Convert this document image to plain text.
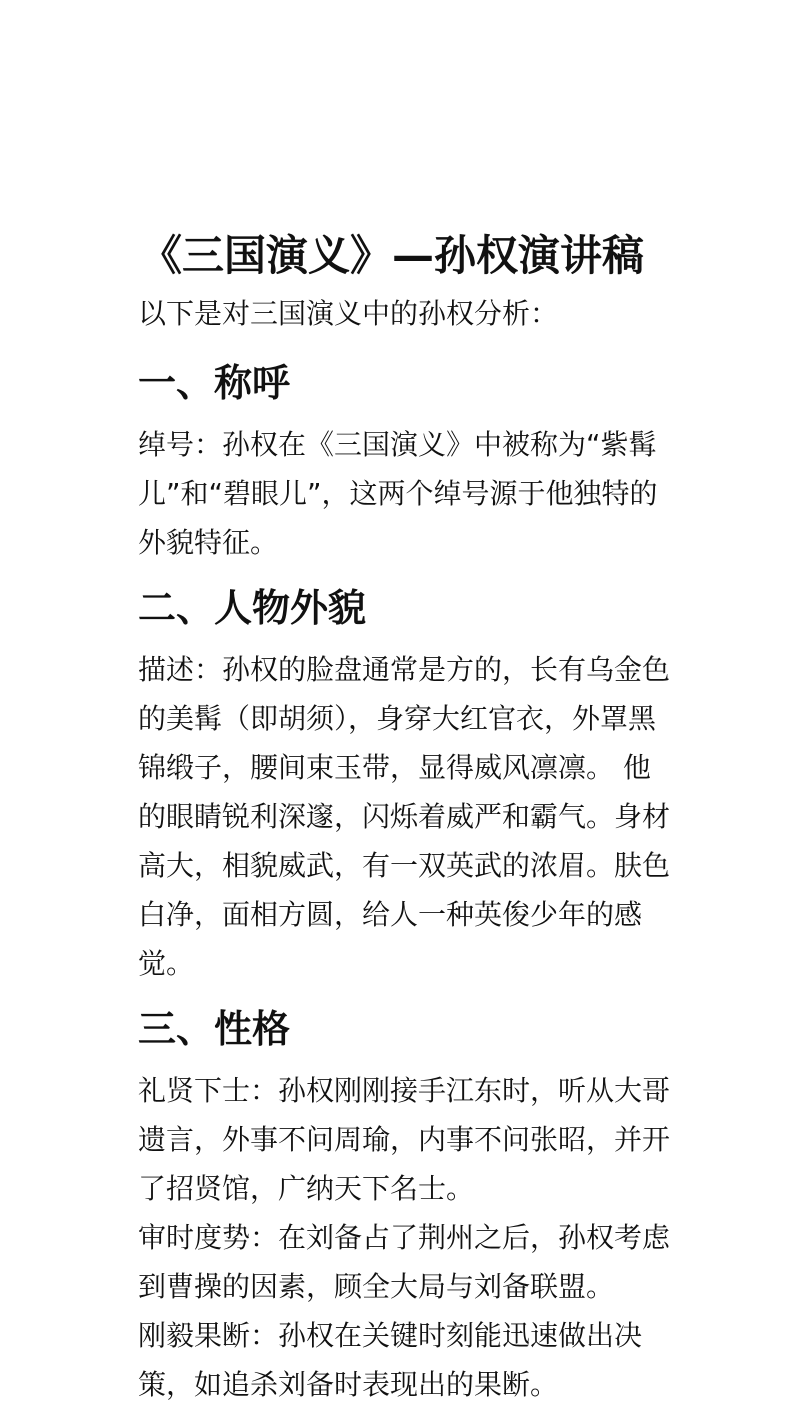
《三国演义》—孙权演讲稿

以下是对三国演义中的孙权分析：

一、称呼

绰号：孙权在《三国演义》中被称为“紫髯儿”和“碧眼儿”，这两个绰号源于他独特的外貌特征。

二、人物外貌

描述：孙权的脸盘通常是方的，长有乌金色的美髯（即胡须），身穿大红官衣，外罩黑锦缎子，腰间束玉带，显得威风凛凛。 他的眼睛锐利深邃，闪烁着威严和霸气。身材高大，相貌威武，有一双英武的浓眉。肤色白净，面相方圆，给人一种英俊少年的感觉。

三、性格

礼贤下士：孙权刚刚接手江东时，听从大哥遗言，外事不问周瑜，内事不问张昭，并开了招贤馆，广纳天下名士。

审时度势：在刘备占了荆州之后，孙权考虑到曹操的因素，顾全大局与刘备联盟。

刚毅果断：孙权在关键时刻能迅速做出决策，如追杀刘备时表现出的果断。
